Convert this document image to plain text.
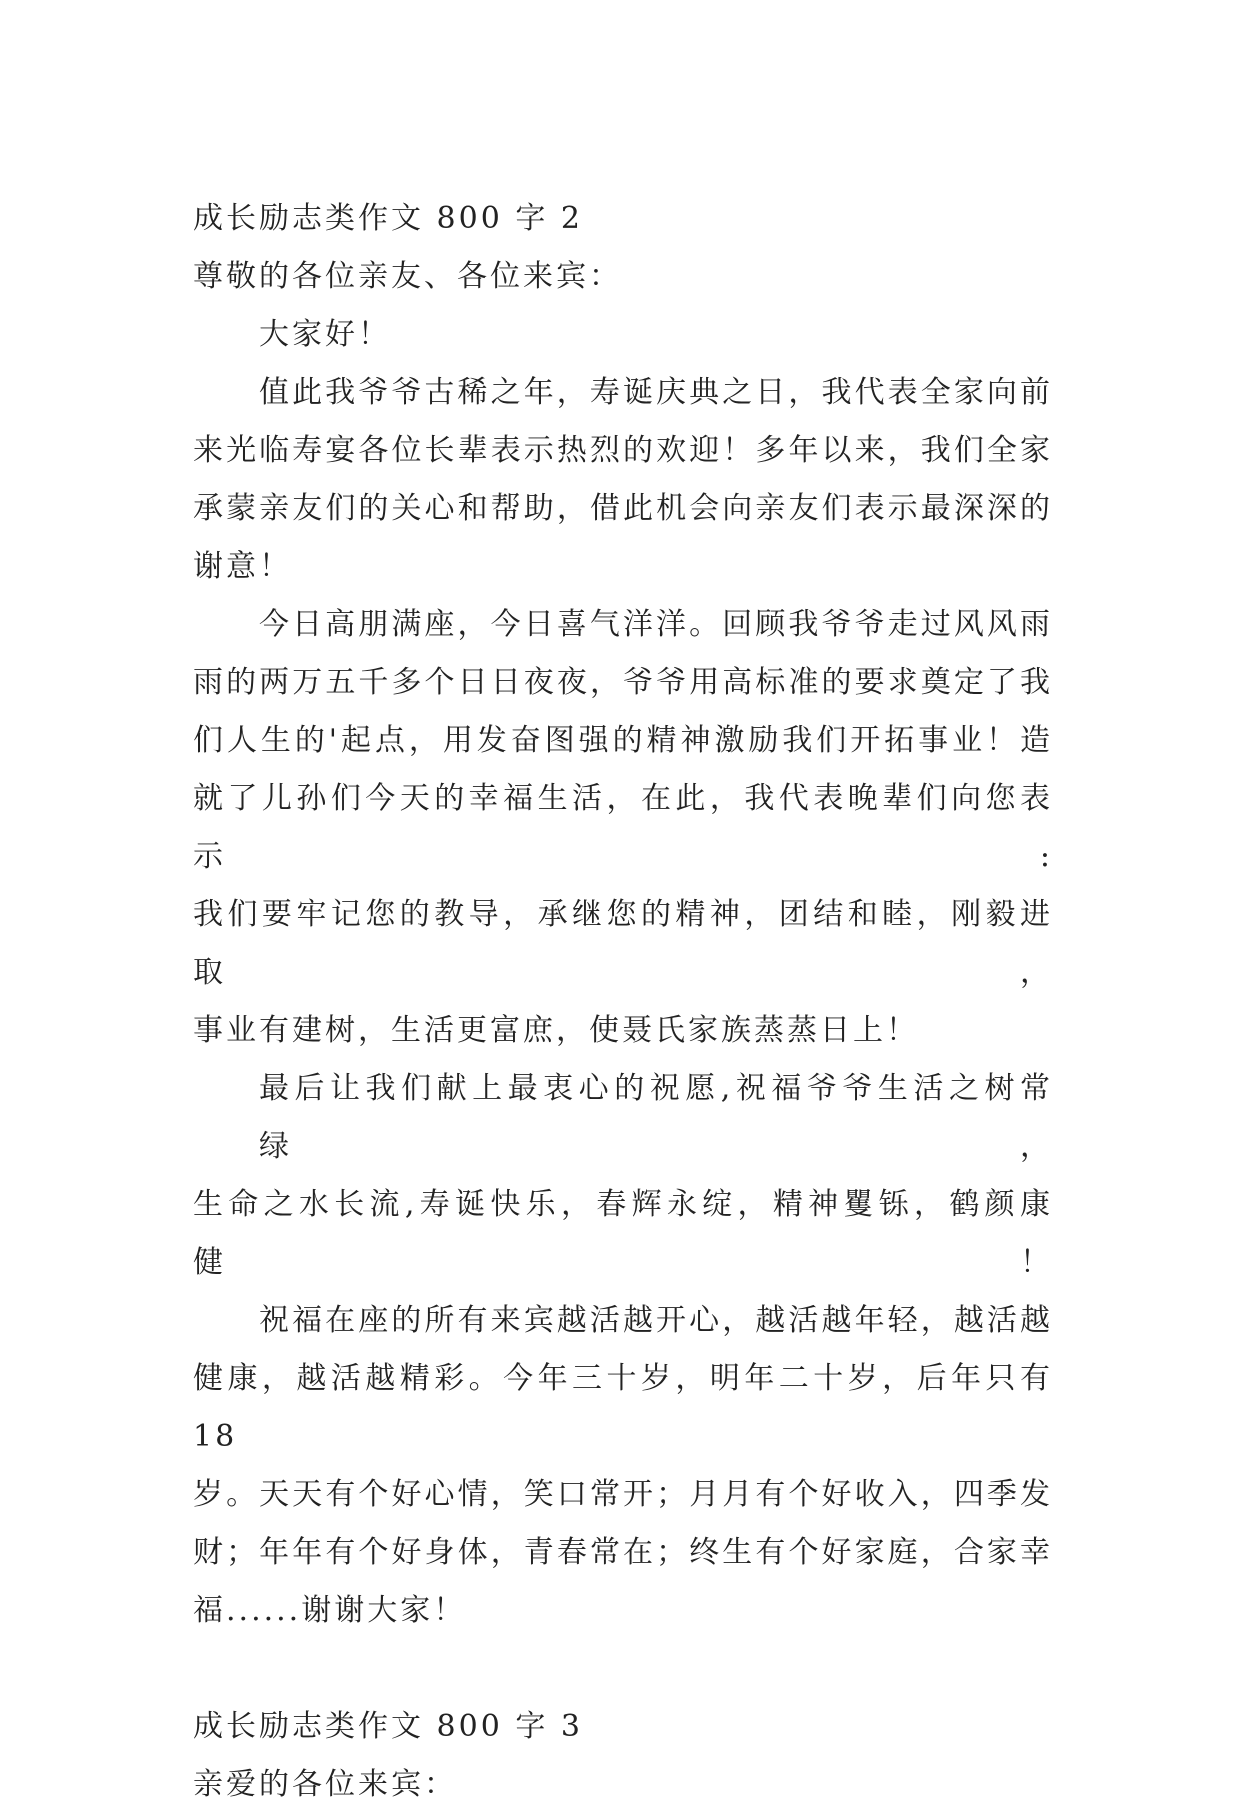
成长励志类作文 800 字 2
尊敬的各位亲友、各位来宾：
大家好！
值此我爷爷古稀之年，寿诞庆典之日，我代表全家向前
来光临寿宴各位长辈表示热烈的欢迎！多年以来，我们全家
承蒙亲友们的关心和帮助，借此机会向亲友们表示最深深的
谢意！
今日高朋满座，今日喜气洋洋。回顾我爷爷走过风风雨
雨的两万五千多个日日夜夜，爷爷用高标准的要求奠定了我
们人生的'起点，用发奋图强的精神激励我们开拓事业！造
就了儿孙们今天的幸福生活，在此，我代表晚辈们向您表示:
我们要牢记您的教导，承继您的精神，团结和睦，刚毅进取，
事业有建树，生活更富庶，使聂氏家族蒸蒸日上！
最后让我们献上最衷心的祝愿,祝福爷爷生活之树常绿，
生命之水长流,寿诞快乐，春辉永绽，精神矍铄，鹤颜康健！
祝福在座的所有来宾越活越开心，越活越年轻，越活越
健康，越活越精彩。今年三十岁，明年二十岁，后年只有 18
岁。天天有个好心情，笑口常开；月月有个好收入，四季发
财；年年有个好身体，青春常在；终生有个好家庭，合家幸
福......谢谢大家！
成长励志类作文 800 字 3
亲爱的各位来宾：
